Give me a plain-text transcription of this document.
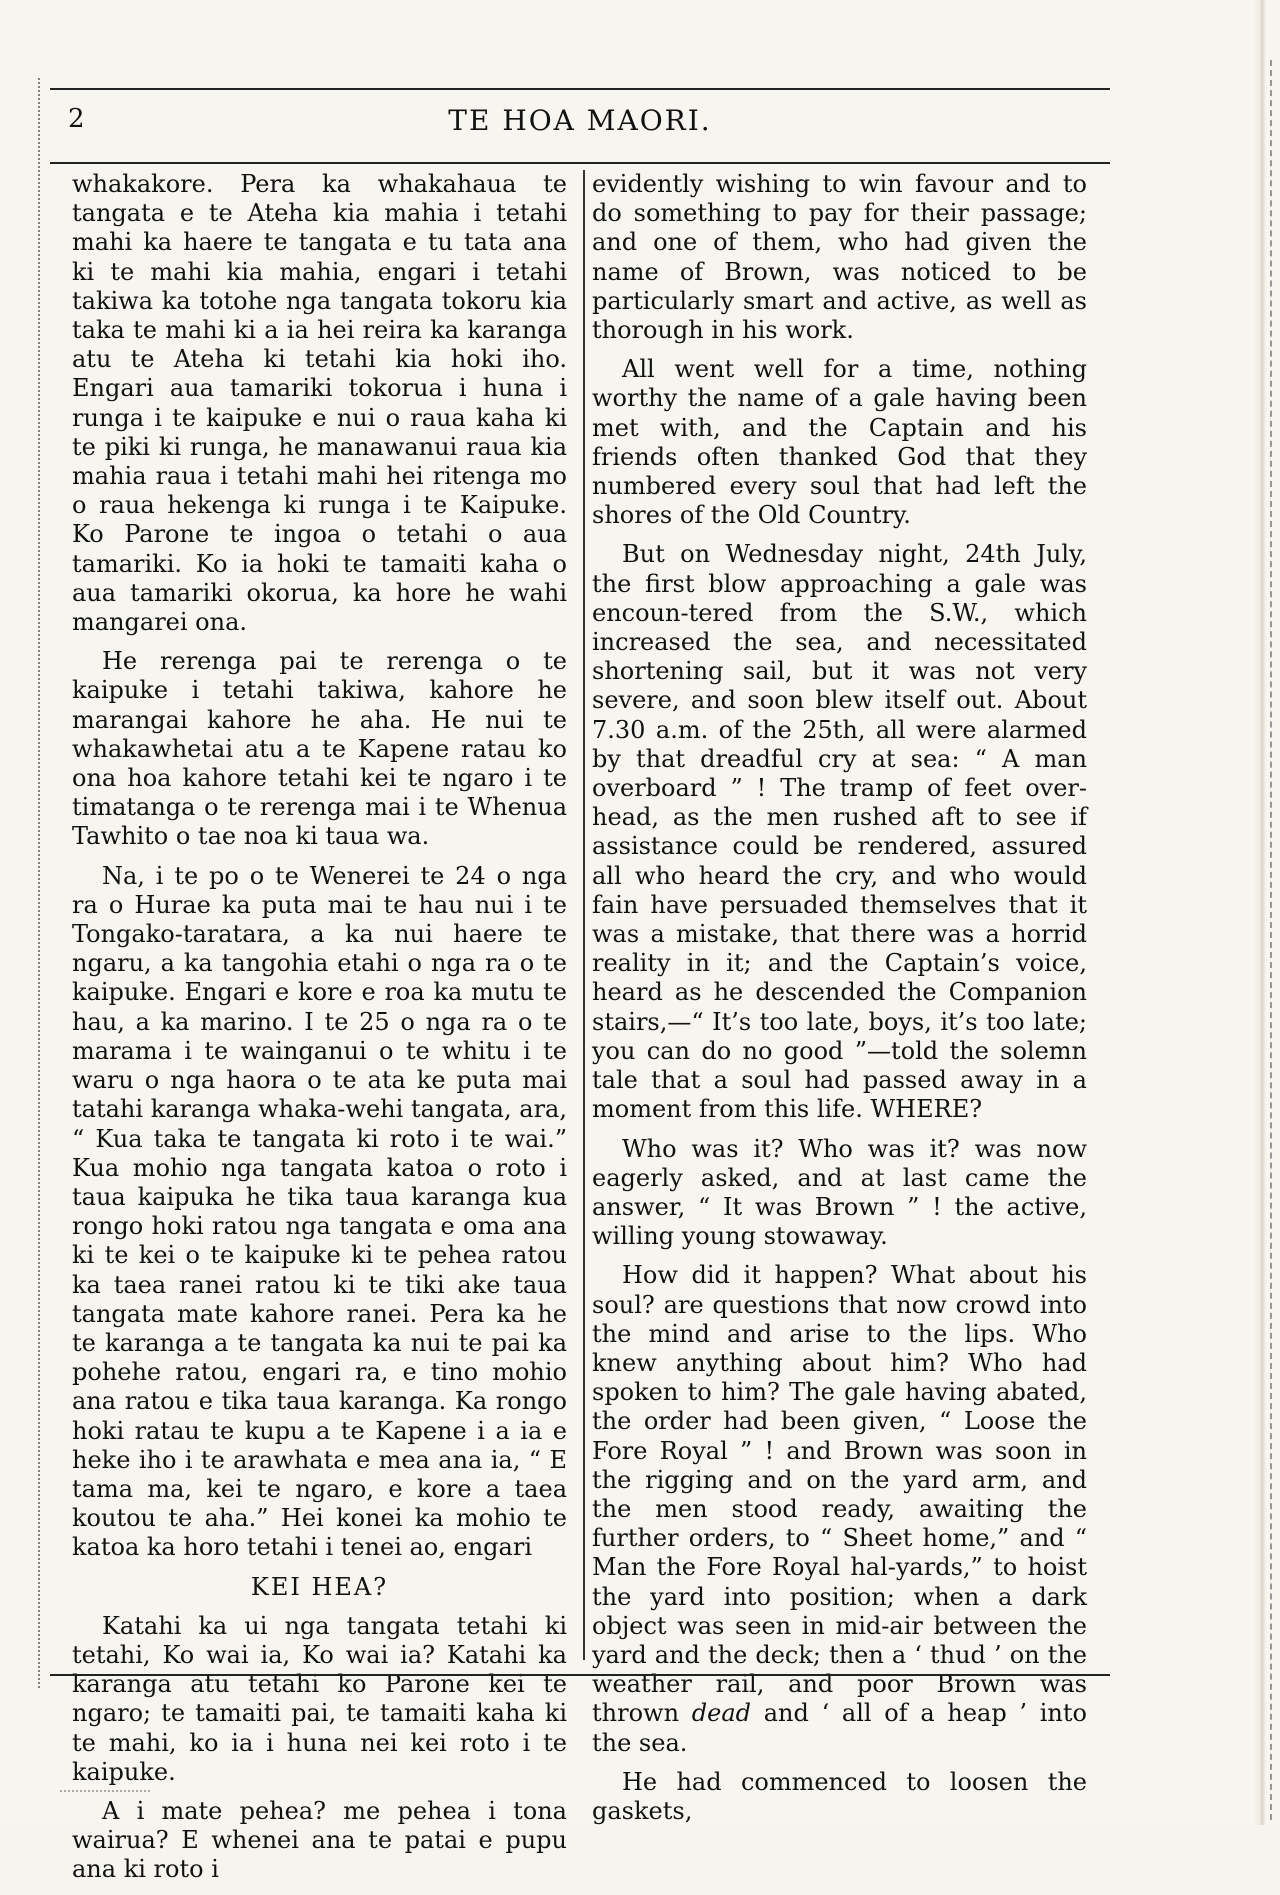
2	TE HOA MAORI.

whakakore. Pera ka whakahaua te tangata e te Ateha kia mahia i tetahi mahi ka haere te tangata e tu tata ana ki te mahi kia mahia, engari i tetahi takiwa ka totohe nga tangata tokoru kia taka te mahi ki a ia hei reira ka karanga atu te Ateha ki tetahi kia hoki iho. Engari aua tamariki tokorua i huna i runga i te kaipuke e nui o raua kaha ki te piki ki runga, he manawanui raua kia mahia raua i tetahi mahi hei ritenga mo o raua hekenga ki runga i te Kaipuke. Ko Parone te ingoa o tetahi o aua tamariki. Ko ia hoki te tamaiti kaha o aua tamariki okorua, ka hore he wahi mangarei ona.

He rerenga pai te rerenga o te kaipuke i tetahi takiwa, kahore he marangai kahore he aha. He nui te whakawhetai atu a te Kapene ratau ko ona hoa kahore tetahi kei te ngaro i te timatanga o te rerenga mai i te Whenua Tawhito o tae noa ki taua wa.

Na, i te po o te Wenerei te 24 o nga ra o Hurae ka puta mai te hau nui i te Tongako-taratara, a ka nui haere te ngaru, a ka tangohia etahi o nga ra o te kaipuke. Engari e kore e roa ka mutu te hau, a ka marino. I te 25 o nga ra o te marama i te wainganui o te whitu i te waru o nga haora o te ata ke puta mai tatahi karanga whaka-wehi tangata, ara, “ Kua taka te tangata ki roto i te wai.” Kua mohio nga tangata katoa o roto i taua kaipuka he tika taua karanga kua rongo hoki ratou nga tangata e oma ana ki te kei o te kaipuke ki te pehea ratou ka taea ranei ratou ki te tiki ake taua tangata mate kahore ranei. Pera ka he te karanga a te tangata ka nui te pai ka pohehe ratou, engari ra, e tino mohio ana ratou e tika taua karanga. Ka rongo hoki ratau te kupu a te Kapene i a ia e heke iho i te arawhata e mea ana ia, “ E tama ma, kei te ngaro, e kore a taea koutou te aha.” Hei konei ka mohio te katoa ka horo tetahi i tenei ao, engari

KEI HEA?

Katahi ka ui nga tangata tetahi ki tetahi, Ko wai ia, Ko wai ia? Katahi ka karanga atu tetahi ko Parone kei te ngaro; te tamaiti pai, te tamaiti kaha ki te mahi, ko ia i huna nei kei roto i te kaipuke.

A i mate pehea? me pehea i tona wairua? E whenei ana te patai e pupu ana ki roto i

evidently wishing to win favour and to do something to pay for their passage; and one of them, who had given the name of Brown, was noticed to be particularly smart and active, as well as thorough in his work.

All went well for a time, nothing worthy the name of a gale having been met with, and the Captain and his friends often thanked God that they numbered every soul that had left the shores of the Old Country.

But on Wednesday night, 24th July, the first blow approaching a gale was encoun-tered from the S.W., which increased the sea, and necessitated shortening sail, but it was not very severe, and soon blew itself out. About 7.30 a.m. of the 25th, all were alarmed by that dreadful cry at sea: “ A man overboard ” ! The tramp of feet over-head, as the men rushed aft to see if assistance could be rendered, assured all who heard the cry, and who would fain have persuaded themselves that it was a mistake, that there was a horrid reality in it; and the Captain’s voice, heard as he descended the Companion stairs,—“ It’s too late, boys, it’s too late; you can do no good ”—told the solemn tale that a soul had passed away in a moment from this life. WHERE?

Who was it? Who was it? was now eagerly asked, and at last came the answer, “ It was Brown ” ! the active, willing young stowaway.

How did it happen? What about his soul? are questions that now crowd into the mind and arise to the lips. Who knew anything about him? Who had spoken to him? The gale having abated, the order had been given, “ Loose the Fore Royal ” ! and Brown was soon in the rigging and on the yard arm, and the men stood ready, awaiting the further orders, to “ Sheet home,” and “ Man the Fore Royal hal-yards,” to hoist the yard into position; when a dark object was seen in mid-air between the yard and the deck; then a ‘ thud ’ on the weather rail, and poor Brown was thrown dead and ‘ all of a heap ’ into the sea.

He had commenced to loosen the gaskets,
